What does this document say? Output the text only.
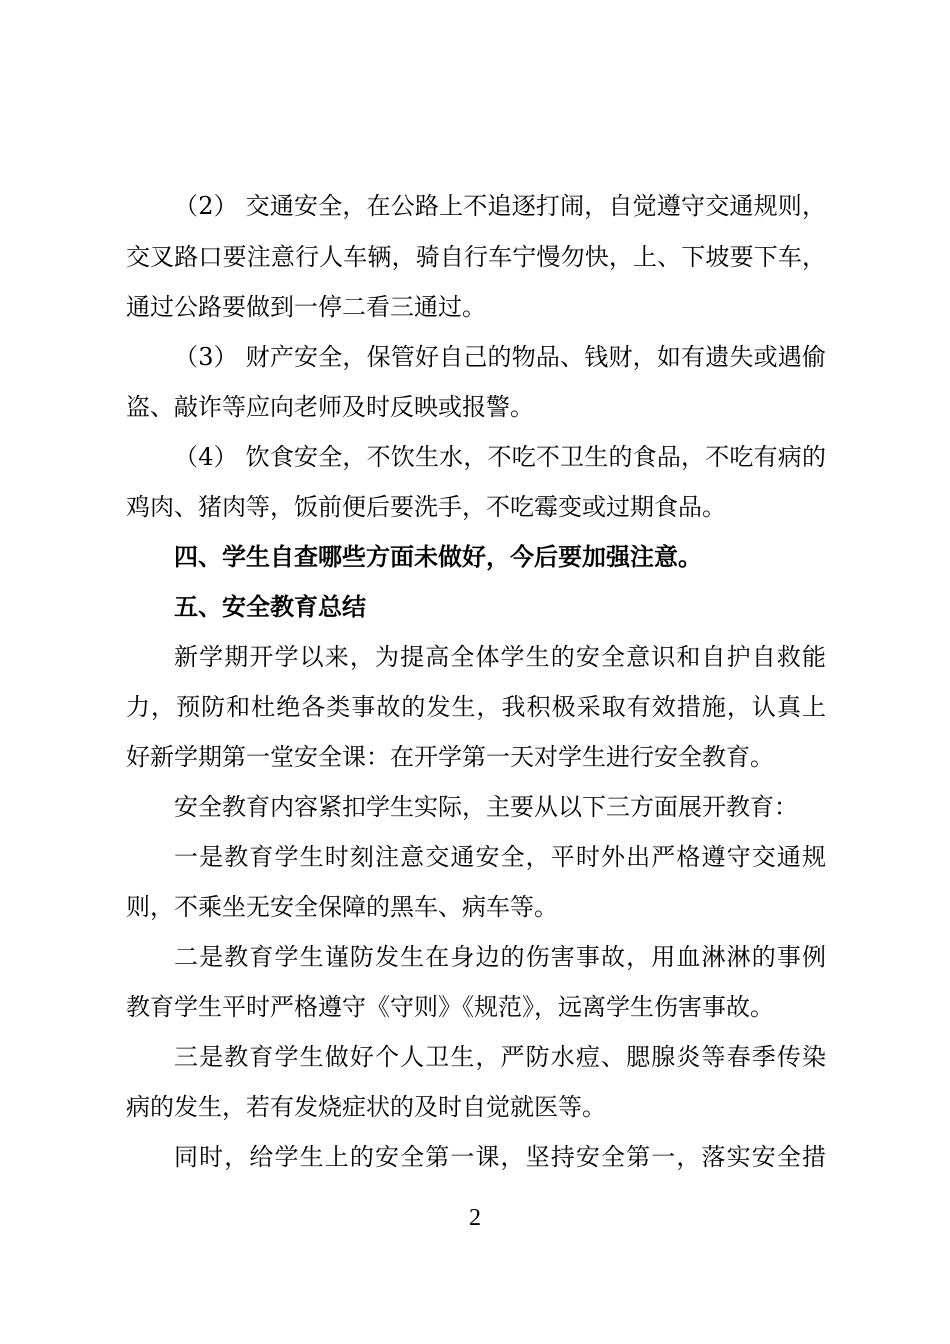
（2） 交通安全，在公路上不追逐打闹，自觉遵守交通规则，
交叉路口要注意行人车辆，骑自行车宁慢勿快，上、下坡要下车，
通过公路要做到一停二看三通过。
（3） 财产安全，保管好自己的物品、钱财，如有遗失或遇偷
盗、敲诈等应向老师及时反映或报警。
（4） 饮食安全，不饮生水，不吃不卫生的食品，不吃有病的
鸡肉、猪肉等，饭前便后要洗手，不吃霉变或过期食品。
四、学生自查哪些方面未做好，今后要加强注意。
五、安全教育总结
新学期开学以来，为提高全体学生的安全意识和自护自救能
力，预防和杜绝各类事故的发生，我积极采取有效措施，认真上
好新学期第一堂安全课：在开学第一天对学生进行安全教育。
安全教育内容紧扣学生实际，主要从以下三方面展开教育：
一是教育学生时刻注意交通安全，平时外出严格遵守交通规
则，不乘坐无安全保障的黑车、病车等。
二是教育学生谨防发生在身边的伤害事故，用血淋淋的事例
教育学生平时严格遵守《守则》《规范》，远离学生伤害事故。
三是教育学生做好个人卫生，严防水痘、腮腺炎等春季传染
病的发生，若有发烧症状的及时自觉就医等。
同时，给学生上的安全第一课，坚持安全第一，落实安全措
2
